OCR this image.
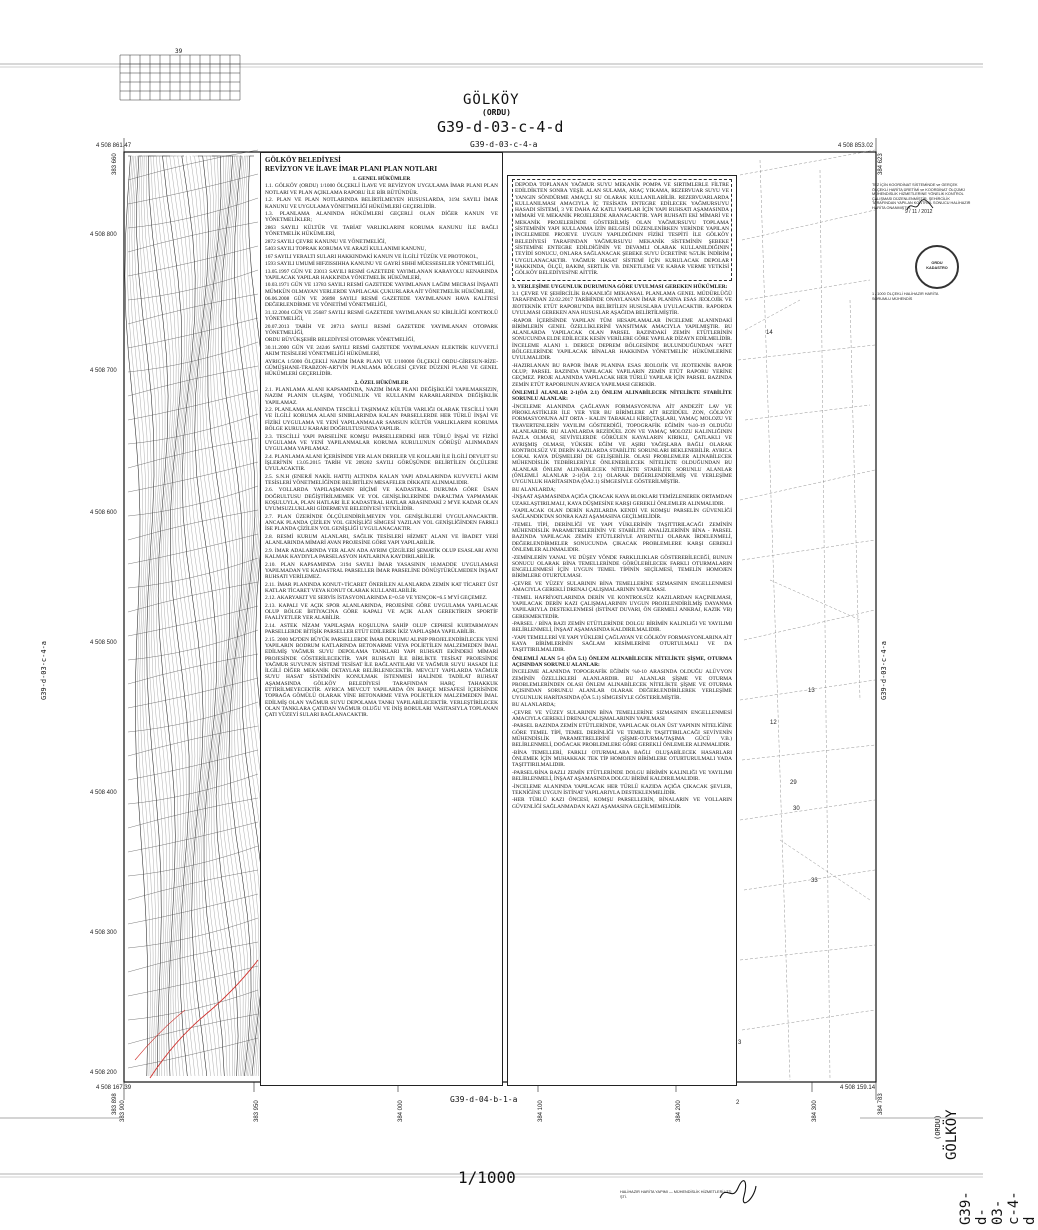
GÖLKÖY
(ORDU)
G39-d-03-c-4-d
G39-d-03-c-4-a
G39-d-04-b-1-a
1/1000
39
GÖLKÖY
(ORDU)
G39-d-03-c-4-d
G39-d-03-c-4-a	G39-d-03-c-4-a
4 508 861.47	4 508 853.02
4 508 167.39	4 508 159.14
383 660
383 898
384 623
384 783
4 508 800
4 508 700
4 508 600
4 508 500
4 508 400
4 508 300
4 508 200
383 900	383 950	384 000	384 100	384 200	384 300
14
13
12
29
30
33
3
2
GÖLKÖY BELEDİYESİ
REVİZYON VE İLAVE İMAR PLANI PLAN NOTLARI

1. GENEL HÜKÜMLER

1.1. GÖLKÖY (ORDU) 1/1000 ÖLÇEKLİ İLAVE VE REVİZYON UYGULAMA İMAR PLANI PLAN NOTLARI VE PLAN AÇIKLAMA RAPORU İLE BİR BÜTÜNDÜR.

1.2. PLAN VE PLAN NOTLARINDA BELİRTİLMEYEN HUSUSLARDA, 3194 SAYILI İMAR KANUNU VE UYGULAMA YÖNETMELİĞİ HÜKÜMLERİ GEÇERLİDİR.

1.3. PLANLAMA ALANINDA HÜKÜMLERİ GEÇERLİ OLAN DİĞER KANUN VE YÖNETMELİKLER;

2863 SAYILI KÜLTÜR VE TABİAT VARLIKLARINI KORUMA KANUNU İLE BAĞLI YÖNETMELİK HÜKÜMLERİ,

2872 SAYILI ÇEVRE KANUNU VE YÖNETMELİĞİ,

5403 SAYILI TOPRAK KORUMA VE ARAZİ KULLANIMI KANUNU,

167 SAYILI YERALTI SULARI HAKKINDAKİ KANUN VE İLGİLİ TÜZÜK VE PROTOKOL,

1593 SAYILI UMUMİ HIFZISSIHHA KANUNU VE GAYRİ SIHHİ MÜESSESELER YÖNETMELİĞİ,

13.05.1997 GÜN VE 23013 SAYILI RESMİ GAZETEDE YAYIMLANAN KARAYOLU KENARINDA YAPILACAK YAPILAR HAKKINDA YÖNETMELİK HÜKÜMLERİ,

10.03.1971 GÜN VE 13783 SAYILI RESMİ GAZETEDE YAYIMLANAN LAĞIM MECRASI İNŞAATI MÜMKÜN OLMAYAN YERLERDE YAPILACAK ÇUKURLARA AİT YÖNETMELİK HÜKÜMLERİ,

06.06.2008 GÜN VE 26898 SAYILI RESMİ GAZETEDE YAYIMLANAN HAVA KALİTESİ DEĞERLENDİRME VE YÖNETİMİ YÖNETMELİĞİ,

31.12.2004 GÜN VE 25687 SAYILI RESMİ GAZETEDE YAYIMLANAN SU KİRLİLİĞİ KONTROLÜ YÖNETMELİĞİ,

20.07.2013 TARİH VE 28713 SAYILI RESMİ GAZETEDE YAYIMLANAN OTOPARK YÖNETMELİĞİ,

ORDU BÜYÜKŞEHİR BELEDİYESİ OTOPARK YÖNETMELİĞİ,

30.11.2000 GÜN VE 24246 SAYILI RESMİ GAZETEDE YAYIMLANAN ELEKTRİK KUVVETLİ AKIM TESİSLERİ YÖNETMELİĞİ HÜKÜMLERİ,

AYRICA 1/5000 ÖLÇEKLİ NAZIM İMAR PLANI VE 1/100000 ÖLÇEKLİ ORDU-GİRESUN-RİZE-GÜMÜŞHANE-TRABZON-ARTVİN PLANLAMA BÖLGESİ ÇEVRE DÜZENİ PLANI VE GENEL HÜKÜMLERİ GEÇERLİDİR.

2. ÖZEL HÜKÜMLER

2.1. PLANLAMA ALANI KAPSAMINDA, NAZIM İMAR PLANI DEĞİŞİKLİĞİ YAPILMAKSIZIN, NAZIM PLANIN ULAŞIM, YOĞUNLUK VE KULLANIM KARARLARINDA DEĞİŞİKLİK YAPILAMAZ.

2.2. PLANLAMA ALANINDA TESCİLLİ TAŞINMAZ KÜLTÜR VARLIĞI OLARAK TESCİLLİ YAPI VE İLGİLİ KORUMA ALANI SINIRLARINDA KALAN PARSELLERDE HER TÜRLÜ İNŞAİ VE FİZİKİ UYGULAMA VE YENİ YAPILANMALAR SAMSUN KÜLTÜR VARLIKLARINI KORUMA BÖLGE KURULU KARARI DOĞRULTUSUNDA YAPILIR.

2.3. TESCİLLİ YAPI PARSELİNE KOMŞU PARSELLERDEKİ HER TÜRLÜ İNŞAİ VE FİZİKİ UYGULAMA VE YENİ YAPILANMALAR KORUMA KURULUNUN GÖRÜŞÜ ALINMADAN UYGULAMA YAPILAMAZ.

2.4. PLANLAMA ALANI İÇERİSİNDE YER ALAN DERELER VE KOLLARI İLE İLGİLİ DEVLET SU İŞLERİ'NİN 13.05.2015 TARİH VE 209202 SAYILI GÖRÜŞÜNDE BELİRTİLEN ÖLÇÜLERE UYULACAKTIR.

2.5. S.N.H (ENERJİ NAKİL HATTI) ALTINDA KALAN YAPI ADALARINDA KUVVETLİ AKIM TESİSLERİ YÖNETMELİĞİNDE BELİRTİLEN MESAFELER DİKKATE ALINMALIDIR.

2.6. YOLLARDA YAPILAŞMANIN BİÇİMİ VE KADASTRAL DURUMA GÖRE ÜSAN DOĞRULTUSU DEĞİŞTİRİLMEMEK VE YOL GENİŞLİKLERİNDE DARALTMA YAPMAMAK KOŞULUYLA, PLAN HATLARI İLE KADASTRAL HATLAR ARASINDAKİ 2 M'YE KADAR OLAN UYUMSUZLUKLARI GİDERMEYE BELEDİYESİ YETKİLİDİR.

2.7. PLAN ÜZERİNDE ÖLÇÜLENDİRİLMEYEN YOL GENİŞLİKLERİ UYGULANACAKTIR. ANCAK PLANDA ÇİZİLEN YOL GENİŞLİĞİ SİMGESİ YAZILAN YOL GENİŞLİĞİNDEN FARKLI İSE PLANDA ÇİZİLEN YOL GENİŞLİĞİ UYGULANACAKTIR.

2.8. RESMİ KURUM ALANLARI, SAĞLIK TESİSLERİ HİZMET ALANI VE İBADET YERİ ALANLARINDA MİMARİ AVAN PROJESİNE GÖRE YAPI YAPILABİLİR.

2.9. İMAR ADALARINDA YER ALAN ADA AYRIM ÇİZGİLERİ ŞEMATİK OLUP ESASLARI AYNI KALMAK KAYDIYLA PARSELASYON HATLARINA KAYDIRILABİLİR.

2.10. PLAN KAPSAMINDA 3194 SAYILI İMAR YASASININ 18.MADDE UYGULAMASI YAPILMADAN VE KADASTRAL PARSELLER İMAR PARSELİNE DÖNÜŞTÜRÜLMEDEN İNŞAAT RUHSATI VERİLEMEZ.

2.11. İMAR PLANINDA KONUT+TİCARET ÖNERİLEN ALANLARDA ZEMİN KAT TİCARET ÜST KATLAR TİCARET VEYA KONUT OLARAK KULLANILABİLİR.

2.12. AKARYAKIT VE SERVİS İSTASYONLARINDA E=0.50 VE YENÇOK=6.5 M'Yİ GEÇEMEZ.

2.13. KAPALI VE AÇIK SPOR ALANLARINDA, PROJESİNE GÖRE UYGULAMA YAPILACAK OLUP BÖLGE İHTİYACINA GÖRE KAPALI VE AÇIK ALAN GEREKTİREN SPORTİF FAALİYETLER YER ALABİLİR.

2.14. ASTEK NİZAM YAPILAŞMA KOŞULUNA SAHİP OLUP CEPHESİ KURTARMAYAN PARSELLERDE BİTİŞİK PARSELLER ETÜT EDİLEREK İKİZ YAPILAŞMA YAPILABİLİR.

2.15. 2000 M2'DEN BÜYÜK PARSELLERDE İMAR DURUMU ALINIP PROJELENDİRİLECEK YENİ YAPILARIN BODRUM KATLARINDA BETONARME VEYA POLİETİLEN MALZEMEDEN İMAL EDİLMİŞ YAĞMUR SUYU DEPOLAMA TANKLARI YAPI RUHSATI EKİNDEKİ MİMARİ PROJESİNDE GÖSTERİLECEKTİR. YAPI RUHSATI İLE BİRLİKTE TESİSAT PROJESİNDE YAĞMUR SUYUNUN SİSTEMİ TESİSAT İLE BAĞLANTILARI VE YAĞMUR SUYU HASADI İLE İLGİLİ DİĞER MEKANİK DETAYLAR BELİRLENECEKTİR. MEVCUT YAPILARDA YAĞMUR SUYU HASAT SİSTEMİNİN KONULMAK İSTENMESİ HALİNDE TADİLAT RUHSAT AŞAMASINDA GÖLKÖY BELEDİYESİ TARAFINDAN HARÇ TAHAKKUK ETTİRİLMEYECEKTİR. AYRICA MEVCUT YAPILARDA ÖN BAHÇE MESAFESİ İÇERİSİNDE TOPRAĞA GÖMÜLÜ OLARAK YİNE BETONARME VEYA POLİETİLEN MALZEMEDEN İMAL EDİLMİŞ OLAN YAĞMUR SUYU DEPOLAMA TANKI YAPILABİLECEKTİR. YERLEŞTİRİLECEK OLAN TANKLARA ÇATIDAN YAĞMUR OLUĞU VE İNİŞ BORULARI VASITASIYLA TOPLANAN ÇATI YÜZEYİ SULARI BAĞLANACAKTIR.

DEPODA TOPLANAN YAĞMUR SUYU MEKANİK POMPA VE SIRTIMLERLE FİLTRE EDİLDİKTEN SONRA YEŞİL ALAN SULAMA, ARAÇ YIKAMA, REZERVUAR SUYU VE YANGIN SÖNDÜRME AMAÇLI SU OLARAK KULLANILABİLİR. REZERVUARLARDA KULLANILMASI AMACIYLA İÇ TESİSATA ENTEGRE EDİLECEK YAĞMURSUYU HASADI SİSTEMİ, 3 VE DAHA AZ KATLI YAPILAR İÇİN YAPI RUHSATI AŞAMASINDA MİMARİ VE MEKANİK PROJELERDE ARANACAKTIR. YAPI RUHSATI EKİ MİMARİ VE MEKANİK PROJELERİNDE GÖSTERİLMİŞ OLAN YAĞMURSUYU TOPLAMA SİSTEMİNİN YAPI KULLANMA İZİN BELGESİ DÜZENLENİRKEN YERİNDE YAPILAN İNCELEMEDE PROJEYE UYGUN YAPILDIĞININ FİZİKİ TESPİTİ İLE GÖLKÖY BELEDİYESİ TARAFINDAN YAĞMURSUYU MEKANİK SİSTEMİNİN ŞEBEKE SİSTEMİNE ENTEGRE EDİLDİĞİNİN VE DEVAMLI OLARAK KULLANILDIĞININ TEYİDİ SONUCU, ONLARA SAĞLANACAK ŞEBEKE SUYU ÜCRETİNE %5'LİK İNDİRİM UYGULANACAKTIR. YAĞMUR HASAT SİSTEMİ İÇİN KURULACAK DEPOLAR HAKKINDA, ÖLÇÜ, BAKIM, SERTLİK VB. DENETLEME VE KARAR VERME YETKİSİ GÖLKÖY BELEDİYESİ'NE AİTTİR.

3. YERLEŞİME UYGUNLUK DURUMUNA GÖRE UYULMASI GEREKEN HÜKÜMLER:

3.1 ÇEVRE VE ŞEHİRCİLİK BAKANLIĞI MEKANSAL PLANLAMA GENEL MÜDÜRLÜĞÜ TARAFINDAN 22.02.2017 TARİHİNDE ONAYLANAN İMAR PLANINA ESAS JEOLOJİK VE JEOTEKNİK ETÜT RAPORU'NDA BELİRTİLEN HUSUSLARA UYULACAKTIR. RAPORDA UYULMASI GEREKEN ANA HUSUSLAR AŞAĞIDA BELİRTİLMİŞTİR.

-RAPOR İÇERİSİNDE YAPILAN TÜM HESAPLAMALAR İNCELEME ALANINDAKİ BİRİMLERİN GENEL ÖZELLİKLERİNİ YANSITMAK AMACIYLA YAPILMIŞTIR. BU ALANLARDA YAPILACAK OLAN PARSEL BAZINDAKİ ZEMİN ETÜTLERİNİN SONUCUNDA ELDE EDİLECEK KESİN VERİLERE GÖRE YAPILAR DİZAYN EDİLMELİDİR. İNCELEME ALANI 1. DERECE DEPREM BÖLGESİNDE BULUNDUĞUNDAN 'AFET BÖLGELERİNDE YAPILACAK BİNALAR HAKKINDA YÖNETMELİK' HÜKÜMLERİNE UYULMALIDIR.

-HAZIRLANAN BU RAPOR İMAR PLANINA ESAS JEOLOJİK VE JEOTEKNİK RAPOR OLUP; PARSEL BAZINDA YAPILACAK YAPILARIN ZEMİN ETÜT RAPORU YERİNE GEÇMEZ. PROJE ALANINDA YAPILACAK HER TÜRLÜ YAPILAR İÇİN PARSEL BAZINDA ZEMİN ETÜT RAPORUNUN AYRICA YAPILMASI GEREKİR.

ÖNLEMLİ ALANLAR 2-1(ÖA 2.1) ÖNLEM ALINABİLECEK NİTELİKTE STABİLİTE SORUNLU ALANLAR:

-İNCELEME ALANINDA ÇAĞLAYAN FORMASYONUNA AİT ANDEZİT LAV VE PİROKLASTİKLER İLE YER YER BU BİRİMLERE AİT REZİDÜEL ZON, GÖLKÖY FORMASYONUNA AİT ORTA - KALIN TABAKALI KİREÇTAŞLARI, YAMAÇ MOLOZU VE TRAVERTENLERİN YAYILIM GÖSTERDİĞİ, TOPOGRAFİK EĞİMİN %10-19 OLDUĞU ALANLARDIR. BU ALANLARDA REZİDÜEL ZON VE YAMAÇ MOLOZU KALINLIĞININ FAZLA OLMASI, SEVİYELERDE GÖRÜLEN KAYALARIN KIRIKLI, ÇATLAKLI VE AYRIŞMIŞ OLMASI, YÜKSEK EĞİM VE AŞIRI YAĞIŞLARA BAĞLI OLARAK KONTROLSÜZ VE DERİN KAZILARDA STABİLİTE SORUNLARI BEKLENEBİLİR. AYRICA LOKAL KAYA DÜŞMELERİ DE GELİŞEBİLİR. OLASI PROBLEMLER ALINABİLECEK MÜHENDİSLİK TEDBİRLERİYLE ÖNLENEBİLECEK NİTELİKTE OLDUĞUNDAN BU ALANLAR ÖNLEM ALINABİLECEK NİTELİKTE STABİLİTE SORUNLU ALANLAR (ÖNLEMLİ ALANLAR 2-1(ÖA 2.1) OLARAK DEĞERLENDİRİLMİŞ VE YERLEŞİME UYGUNLUK HARİTASINDA (ÖA2.1) SİMGESİYLE GÖSTERİLMİŞTİR.

BU ALANLARDA;

-İNŞAAT AŞAMASINDA AÇIĞA ÇIKACAK KAYA BLOKLARI TEMİZLENEREK ORTAMDAN UZAKLAŞTIRILMALI, KAYA DÜŞMESİNE KARŞI GEREKLİ ÖNLEMLER ALINMALIDIR.

-YAPILACAK OLAN DERİN KAZILARDA KENDİ VE KOMŞU PARSELİN GÜVENLİĞİ SAĞLANDIKTAN SONRA KAZI AŞAMASINA GEÇİLMELİDİR.

-TEMEL TİPİ, DERİNLİĞİ VE YAPI YÜKLERİNİN TAŞITTIRILACAĞI ZEMİNİN MÜHENDİSLİK PARAMETRELERİNİN VE STABİLİTE ANALİZLERİNİN BİNA - PARSEL BAZINDA YAPILACAK ZEMİN ETÜTLERİYLE AYRINTILI OLARAK İRDELENMELİ, DEĞERLENDİRMELER SONUCUNDA ÇIKACAK PROBLEMLERE KARŞI GEREKLİ ÖNLEMLER ALINMALIDIR.

-ZEMİNLERİN YANAL VE DÜŞEY YÖNDE FARKLILIKLAR GÖSTEREBİLECEĞİ, BUNUN SONUCU OLARAK BİNA TEMELLERİNDE GÖRÜLEBİLECEK FARKLI OTURMALARIN ENGELLENMESİ İÇİN UYGUN TEMEL TİPİNİN SEÇİLMESİ, TEMELİN HOMOJEN BİRİMLERE OTURTULMASI.

-ÇEVRE VE YÜZEY SULARININ BİNA TEMELLERİNE SIZMASININ ENGELLENMESİ AMACIYLA GEREKLİ DRENAJ ÇALIŞMALARININ YAPILMASI.

-TEMEL HAFRİYATLARINDA DERİN VE KONTROLSÜZ KAZILARDAN KAÇINILMASI, YAPILACAK DERİN KAZI ÇALIŞMALARININ UYGUN PROJELENDİRİLMİŞ DAYANMA YAPILARIYLA DESTEKLENMESİ (İSTİNAT DUVARI, ÖN GERMELİ ANKRAJ, KAZIK VB) GEREKMEKTEDİR.

-PARSEL / BİNA BAZI ZEMİN ETÜTLERİNDE DOLGU BİRİMİN KALINLIĞI VE YAYILIMI BELİRLENMELİ, İNŞAAT AŞAMASINDA KALDIRILMALIDIR.

-YAPI TEMELLERİ VE YAPI YÜKLERİ ÇAĞLAYAN VE GÖLKÖY FORMASYONLARINA AİT KAYA BİRİMLERİNİN SAĞLAM KESİMLERİNE OTURTULMALI VE DA TAŞITTIRILMALIDIR.

ÖNLEMLİ ALAN 5-1 (ÖA 5.1) ÖNLEM ALINABİLECEK NİTELİKTE ŞİŞME, OTURMA AÇISINDAN SORUNLU ALANLAR:

İNCELEME ALANINDA TOPOGRAFİK EĞİMİN %0-10 ARASINDA OLDUĞU ALÜVYON ZEMİNİN ÖZELLİKLERİ ALANLARDIR. BU ALANLAR ŞİŞME VE OTURMA PROBLEMLERİNDEN OLASI ÖNLEM ALINABİLECEK NİTELİKTE ŞİŞME VE OTURMA AÇISINDAN SORUNLU ALANLAR OLARAK DEĞERLENDİRİLEREK YERLEŞİME UYGUNLUK HARİTASINDA (ÖA 5.1) SİMGESİYLE GÖSTERİLMİŞTİR.

BU ALANLARDA;

-ÇEVRE VE YÜZEY SULARININ BİNA TEMELLERİNE SIZMASININ ENGELLENMESİ AMACIYLA GEREKLİ DRENAJ ÇALIŞMALARININ YAPILMASI

-PARSEL BAZINDA ZEMİN ETÜTLERİNDE, YAPILACAK OLAN ÜST YAPININ NİTELİĞİNE GÖRE TEMEL TİPİ, TEMEL DERİNLİĞİ VE TEMELİN TAŞITTIRILACAĞI SEVİYENİN MÜHENDİSLİK PARAMETRELERİNİ (ŞİŞME-OTURMA/TAŞIMA GÜCÜ V.B.) BELİRLENMELİ, DOĞACAK PROBLEMLERE GÖRE GEREKLİ ÖNLEMLER ALINMALIDIR.

-BİNA TEMELLERİ, FARKLI OTURMALARA BAĞLI OLUŞABİLECEK HASARLARI ÖNLEMEK İÇİN MUHAKKAK TEK TİP HOMOJEN BİRİMLERE OTURTURULMALI YADA TAŞITTIRILMALIDIR.

-PARSEL/BİNA BAZLI ZEMİN ETÜTLERİNDE DOLGU BİRİMİN KALINLIĞI VE YAYILIMI BELİRLENMELİ, İNŞAAT AŞAMASINDA DOLGU BİRİMİ KALDIRILMALIDIR.

-İNCELEME ALANINDA YAPILACAK HER TÜRLÜ KAZIDA AÇIĞA ÇIKACAK ŞEVLER, TEKNİĞİNE UYGUN İSTİNAT YAPILARIYLA DESTEKLENMELİDİR.

-HER TÜRLÜ KAZI ÖNCESİ, KOMŞU PARSELLERİN, BİNALARIN VE YOLLARIN GÜVENLİĞİ SAĞLANMADAN KAZI AŞAMASINA GEÇİLMEMELİDİR.

TEZ İÇİN KOORDİNAT SİSTEMİNDE ve GERÇEK ÖLÇEKLİ HARİTA ÜRETİMİ ve KOORDİNAT ÖLÇÜMÜ MÜHENDİSLİK HİZMETLERİNE YÖNELİK KONTROL ÇALIŞMASI DÜZENLENMİŞTİR. ŞEHİRCİLİK TARAFINDAN YAPILAN KONTROL SONUCU HALİHAZIR HARİTA ONANMIŞTIR.
9 / 11 / 2012
ORDU KADASTRO
1 / 1000 ÖLÇEKLİ HALİHAZIR HARİTA SORUMLU MÜHENDİS
HALİHAZIR HARİTA YAPIMI — MÜHENDİSLİK HİZMETLERİ LTD. ŞTİ.
